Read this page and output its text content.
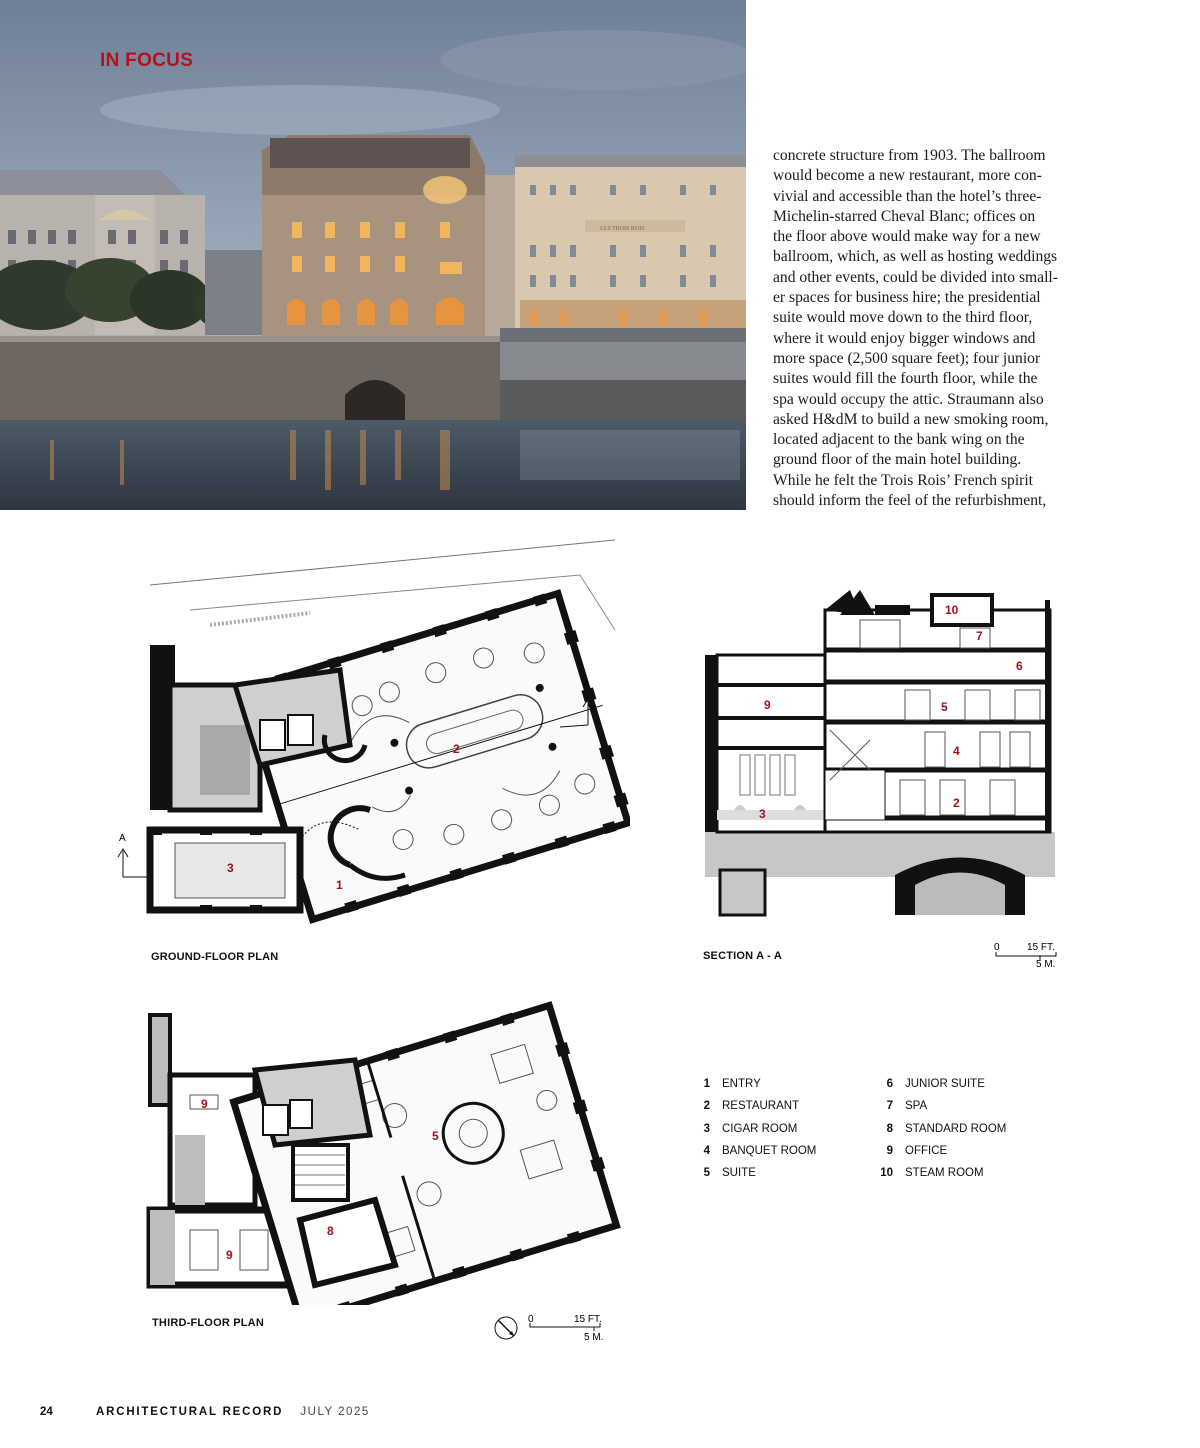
LES TROIS ROIS
IN FOCUS
concrete structure from 1903. The ballroom
would become a new restaurant, more con-
vivial and accessible than the hotel’s three-
Michelin-starred Cheval Blanc; offices on
the floor above would make way for a new
ballroom, which, as well as hosting weddings
and other events, could be divided into small-
er spaces for business hire; the presidential
suite would move down to the third floor,
where it would enjoy bigger windows and
more space (2,500 square feet); four junior
suites would fill the fourth floor, while the
spa would occupy the attic. Straumann also
asked H&dM to build a new smoking room,
located adjacent to the bank wing on the
ground floor of the main hotel building.
While he felt the Trois Rois’ French spirit
should inform the feel of the refurbishment,
A
A
1
2
3
GROUND-FLOOR PLAN
10
7
6
9	5
4
2
3
SECTION A - A
0	15 FT.
5 M.
9
5
8
9
THIRD-FLOOR PLAN	0	15 FT.
5 M.
1 ENTRY
2 RESTAURANT
3 CIGAR ROOM
4 BANQUET ROOM
5 SUITE
6 JUNIOR SUITE
7 SPA
8 STANDARD ROOM
9 OFFICE
10 STEAM ROOM
24	ARCHITECTURAL RECORD JULY 2025
